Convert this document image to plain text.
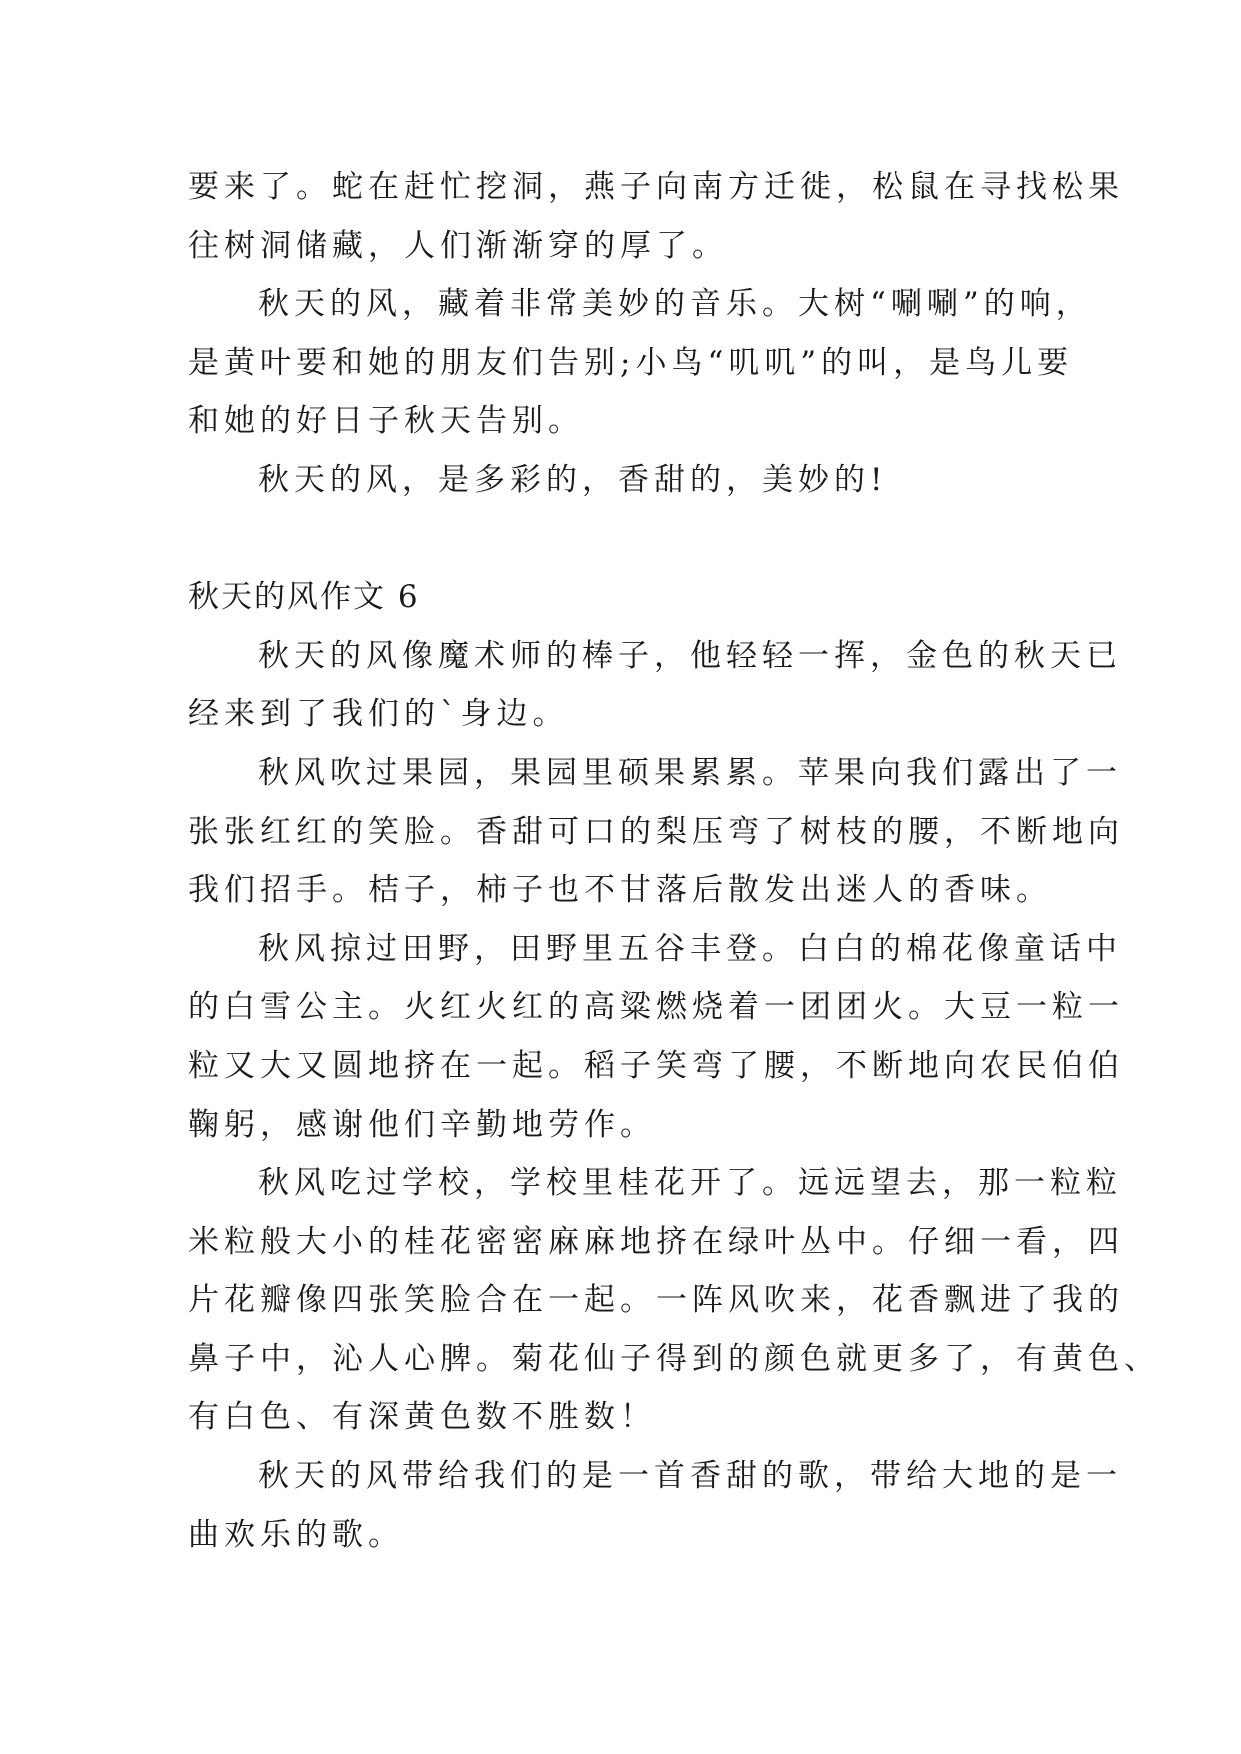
要来了。蛇在赶忙挖洞，燕子向南方迁徙，松鼠在寻找松果
往树洞储藏，人们渐渐穿的厚了。
秋天的风，藏着非常美妙的音乐。大树“唰唰”的响，
是黄叶要和她的朋友们告别;小鸟“叽叽”的叫，是鸟儿要
和她的好日子秋天告别。
秋天的风，是多彩的，香甜的，美妙的!
秋天的风作文 6
秋天的风像魔术师的棒子，他轻轻一挥，金色的秋天已
经来到了我们的`身边。
秋风吹过果园，果园里硕果累累。苹果向我们露出了一
张张红红的笑脸。香甜可口的梨压弯了树枝的腰，不断地向
我们招手。桔子，柿子也不甘落后散发出迷人的香味。
秋风掠过田野，田野里五谷丰登。白白的棉花像童话中
的白雪公主。火红火红的高粱燃烧着一团团火。大豆一粒一
粒又大又圆地挤在一起。稻子笑弯了腰，不断地向农民伯伯
鞠躬，感谢他们辛勤地劳作。
秋风吃过学校，学校里桂花开了。远远望去，那一粒粒
米粒般大小的桂花密密麻麻地挤在绿叶丛中。仔细一看，四
片花瓣像四张笑脸合在一起。一阵风吹来，花香飘进了我的
鼻子中，沁人心脾。菊花仙子得到的颜色就更多了，有黄色、
有白色、有深黄色数不胜数！
秋天的风带给我们的是一首香甜的歌，带给大地的是一
曲欢乐的歌。
